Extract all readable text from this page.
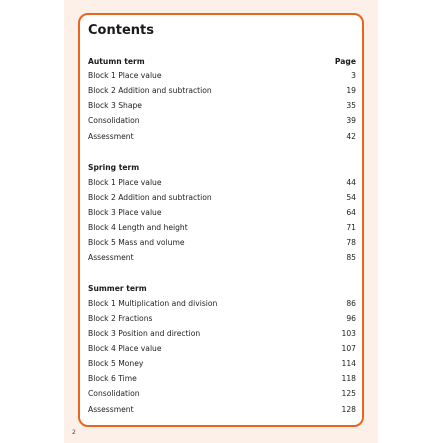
Contents
Autumn term	Page
Block 1 Place value	3
Block 2 Addition and subtraction	19
Block 3 Shape	35
Consolidation	39
Assessment	42
Spring term
Block 1 Place value	44
Block 2 Addition and subtraction	54
Block 3 Place value	64
Block 4 Length and height	71
Block 5 Mass and volume	78
Assessment	85
Summer term
Block 1 Multiplication and division	86
Block 2 Fractions	96
Block 3 Position and direction	103
Block 4 Place value	107
Block 5 Money	114
Block 6 Time	118
Consolidation	125
Assessment	128
2
